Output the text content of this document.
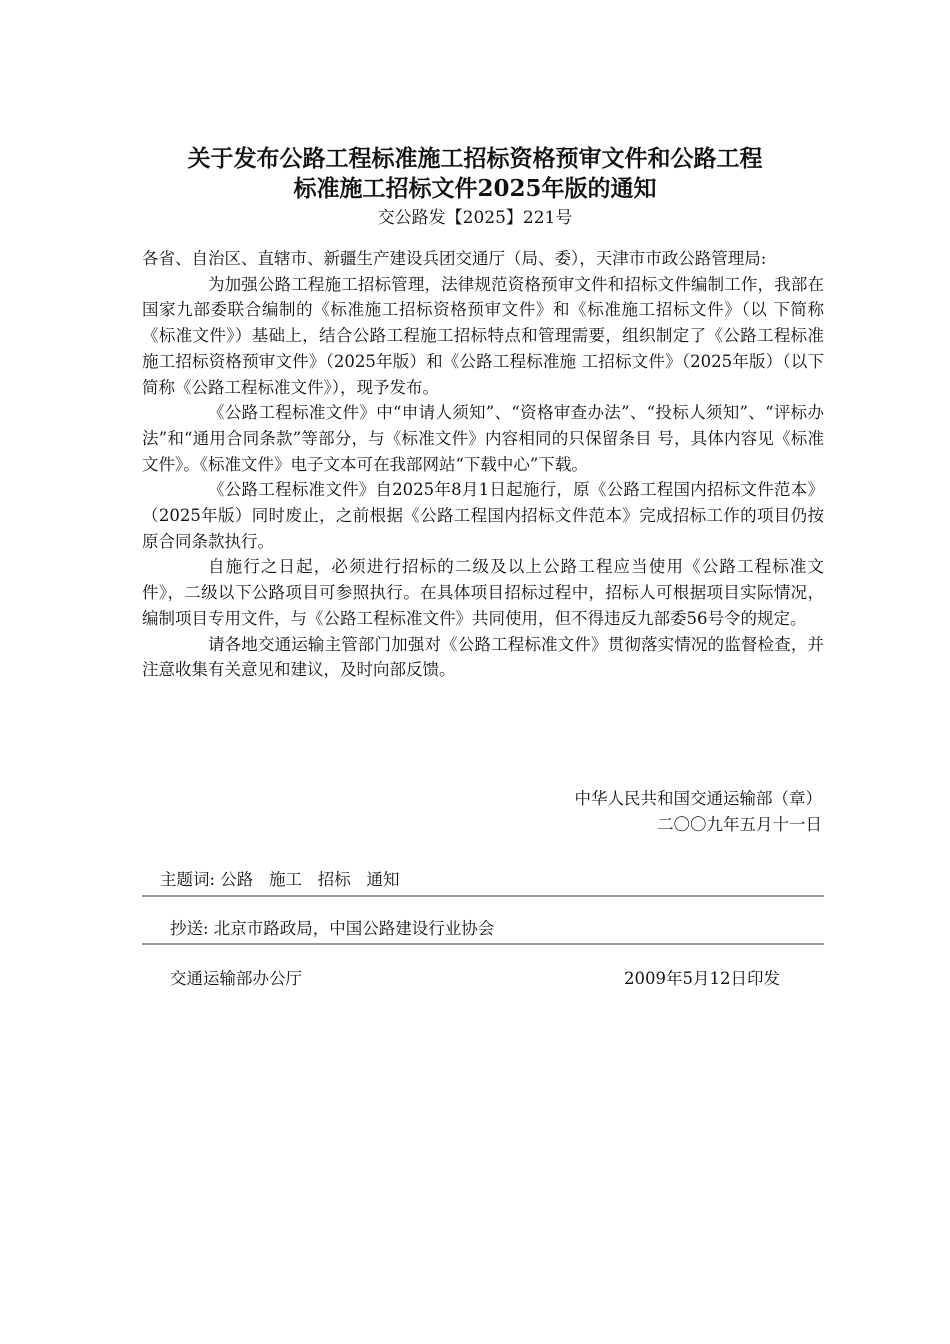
关于发布公路工程标准施工招标资格预审文件和公路工程
标准施工招标文件2025年版的通知
交公路发【2025】221号

各省、自治区、直辖市、新疆生产建设兵团交通厅（局、委），天津市市政公路管理局:

为加强公路工程施工招标管理，法律规范资格预审文件和招标文件编制工作，我部在国家九部委联合编制的《标准施工招标资格预审文件》和《标准施工招标文件》（以 下简称《标准文件》）基础上，结合公路工程施工招标特点和管理需要，组织制定了《公路工程标准施工招标资格预审文件》（2025年版）和《公路工程标准施 工招标文件》（2025年版）（以下简称《公路工程标准文件》），现予发布。

《公路工程标准文件》中“申请人须知”、“资格审查办法”、“投标人须知”、“评标办法”和“通用合同条款”等部分，与《标准文件》内容相同的只保留条目 号，具体内容见《标准文件》。《标准文件》电子文本可在我部网站“下载中心”下载。

《公路工程标准文件》自2025年8月1日起施行，原《公路工程国内招标文件范本》（2025年版）同时废止，之前根据《公路工程国内招标文件范本》完成招标工作的项目仍按原合同条款执行。

自施行之日起，必须进行招标的二级及以上公路工程应当使用《公路工程标准文件》，二级以下公路项目可参照执行。在具体项目招标过程中，招标人可根据项目实际情况，编制项目专用文件，与《公路工程标准文件》共同使用，但不得违反九部委56号令的规定。

请各地交通运输主管部门加强对《公路工程标准文件》贯彻落实情况的监督检查，并注意收集有关意见和建议，及时向部反馈。

中华人民共和国交通运输部（章）
二〇〇九年五月十一日
主题词: 公路   施工   招标   通知
抄送: 北京市路政局，中国公路建设行业协会
交通运输部办公厅	2009年5月12日印发
